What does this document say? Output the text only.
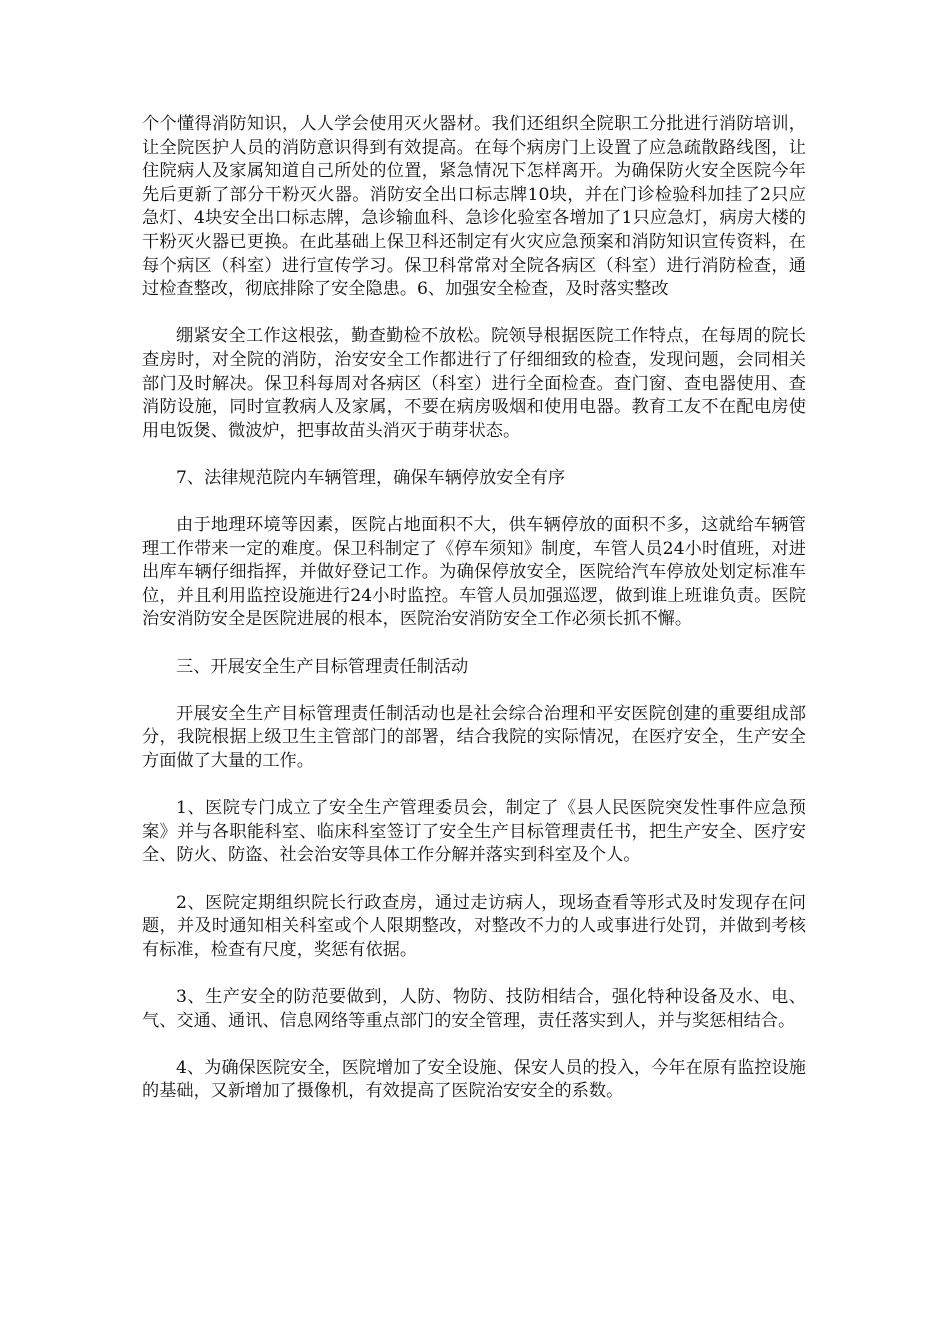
个个懂得消防知识，人人学会使用灭火器材。我们还组织全院职工分批进行消防培训，让全院医护人员的消防意识得到有效提高。在每个病房门上设置了应急疏散路线图，让住院病人及家属知道自己所处的位置，紧急情况下怎样离开。为确保防火安全医院今年先后更新了部分干粉灭火器。消防安全出口标志牌10块，并在门诊检验科加挂了2只应急灯、4块安全出口标志牌，急诊输血科、急诊化验室各增加了1只应急灯，病房大楼的干粉灭火器已更换。在此基础上保卫科还制定有火灾应急预案和消防知识宣传资料，在每个病区（科室）进行宣传学习。保卫科常常对全院各病区（科室）进行消防检查，通过检查整改，彻底排除了安全隐患。6、加强安全检查，及时落实整改

绷紧安全工作这根弦，勤查勤检不放松。院领导根据医院工作特点，在每周的院长查房时，对全院的消防，治安安全工作都进行了仔细细致的检查，发现问题，会同相关部门及时解决。保卫科每周对各病区（科室）进行全面检查。查门窗、查电器使用、查消防设施，同时宣教病人及家属，不要在病房吸烟和使用电器。教育工友不在配电房使用电饭煲、微波炉，把事故苗头消灭于萌芽状态。

7、法律规范院内车辆管理，确保车辆停放安全有序

由于地理环境等因素，医院占地面积不大，供车辆停放的面积不多，这就给车辆管理工作带来一定的难度。保卫科制定了《停车须知》制度，车管人员24小时值班，对进出库车辆仔细指挥，并做好登记工作。为确保停放安全，医院给汽车停放处划定标准车位，并且利用监控设施进行24小时监控。车管人员加强巡逻，做到谁上班谁负责。医院治安消防安全是医院进展的根本，医院治安消防安全工作必须长抓不懈。

三、开展安全生产目标管理责任制活动

开展安全生产目标管理责任制活动也是社会综合治理和平安医院创建的重要组成部分，我院根据上级卫生主管部门的部署，结合我院的实际情况，在医疗安全，生产安全方面做了大量的工作。

1、医院专门成立了安全生产管理委员会，制定了《县人民医院突发性事件应急预案》并与各职能科室、临床科室签订了安全生产目标管理责任书，把生产安全、医疗安全、防火、防盗、社会治安等具体工作分解并落实到科室及个人。

2、医院定期组织院长行政查房，通过走访病人，现场查看等形式及时发现存在问题，并及时通知相关科室或个人限期整改，对整改不力的人或事进行处罚，并做到考核有标准，检查有尺度，奖惩有依据。

3、生产安全的防范要做到，人防、物防、技防相结合，强化特种设备及水、电、气、交通、通讯、信息网络等重点部门的安全管理，责任落实到人，并与奖惩相结合。

4、为确保医院安全，医院增加了安全设施、保安人员的投入，今年在原有监控设施的基础，又新增加了摄像机，有效提高了医院治安安全的系数。
